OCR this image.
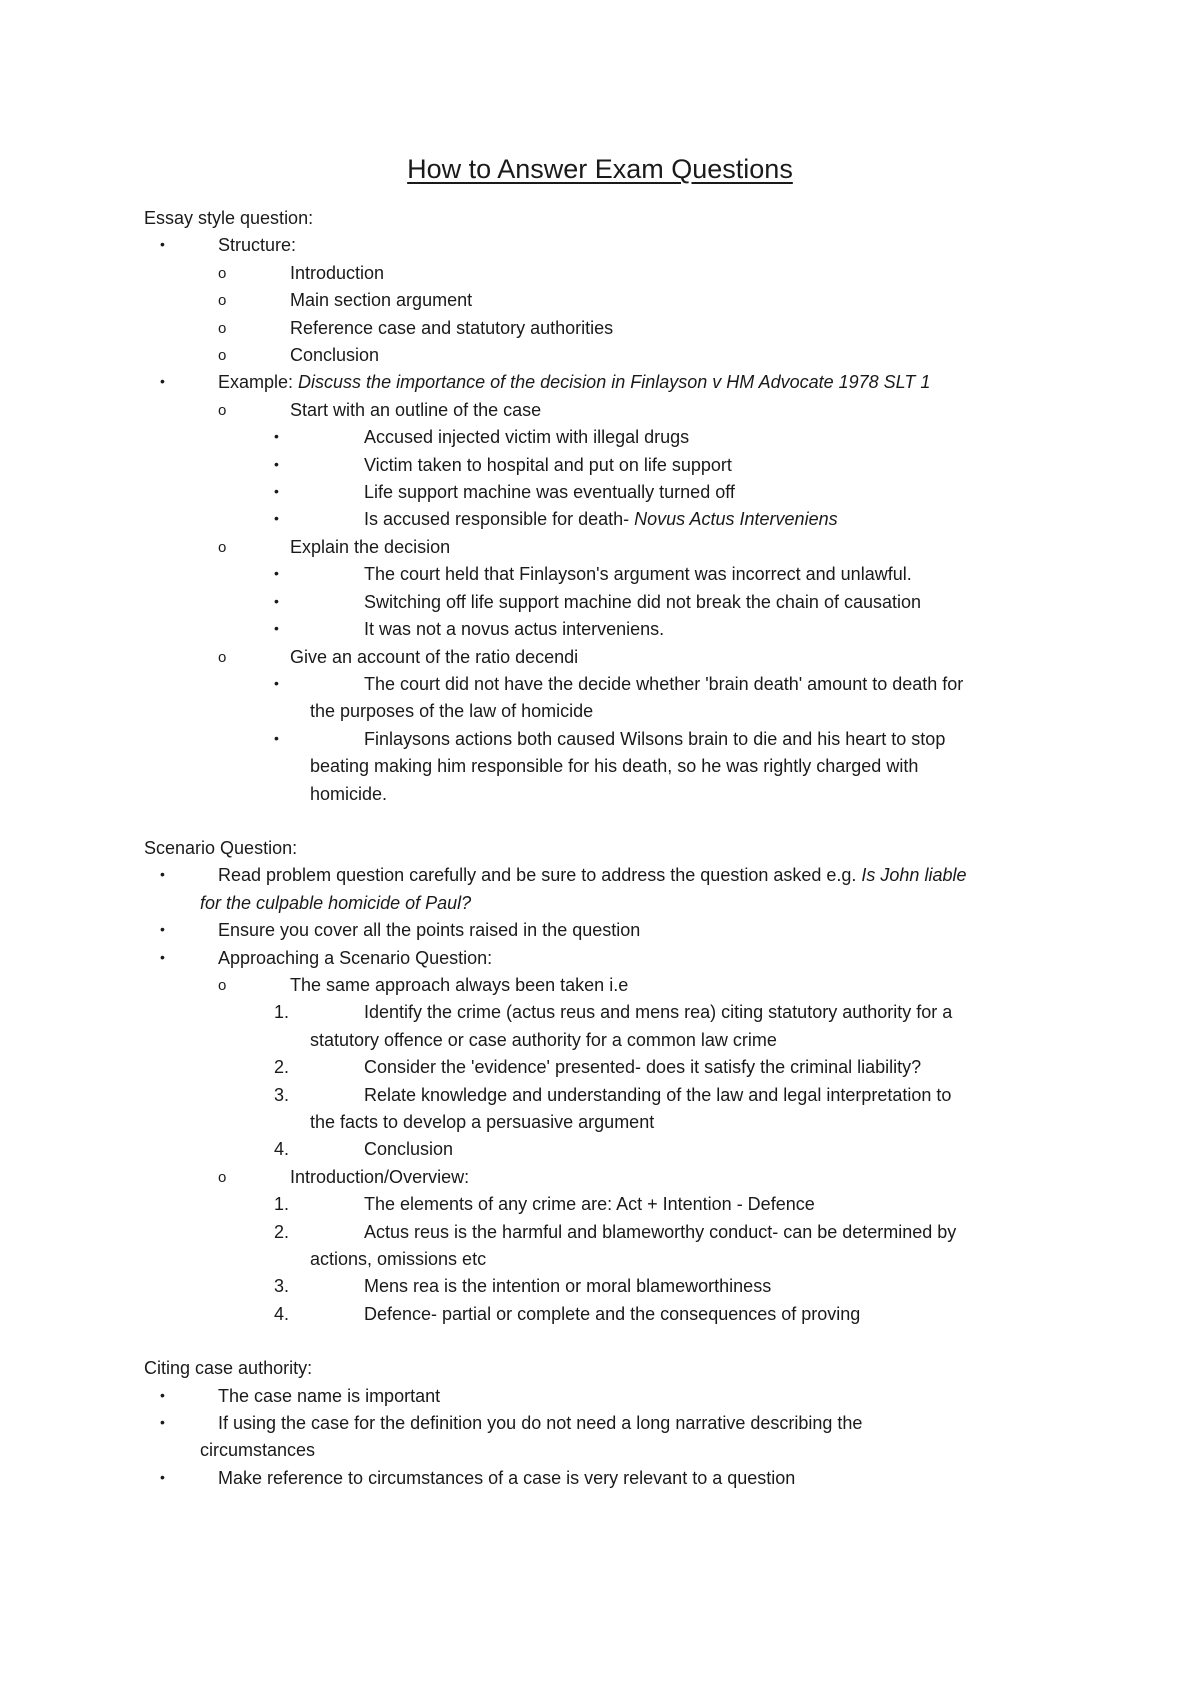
How to Answer Exam Questions
Essay style question:
•	Structure:
o	Introduction
o	Main section argument
o	Reference case and statutory authorities
o	Conclusion
•	Example: Discuss the importance of the decision in Finlayson v HM Advocate 1978 SLT 1
o	Start with an outline of the case
•	Accused injected victim with illegal drugs
•	Victim taken to hospital and put on life support
•	Life support machine was eventually turned off
•	Is accused responsible for death- Novus Actus Interveniens
o	Explain the decision
•	The court held that Finlayson's argument was incorrect and unlawful.
•	Switching off life support machine did not break the chain of causation
•	It was not a novus actus interveniens.
o	Give an account of the ratio decendi
•	The court did not have the decide whether 'brain death' amount to death for
the purposes of the law of homicide
•	Finlaysons actions both caused Wilsons brain to die and his heart to stop
beating making him responsible for his death, so he was rightly charged with
homicide.
Scenario Question:
•	Read problem question carefully and be sure to address the question asked e.g. Is John liable
for the culpable homicide of Paul?
•	Ensure you cover all the points raised in the question
•	Approaching a Scenario Question:
o	The same approach always been taken i.e
1.	Identify the crime (actus reus and mens rea) citing statutory authority for a
statutory offence or case authority for a common law crime
2.	Consider the 'evidence' presented- does it satisfy the criminal liability?
3.	Relate knowledge and understanding of the law and legal interpretation to
the facts to develop a persuasive argument
4.	Conclusion
o	Introduction/Overview:
1.	The elements of any crime are: Act + Intention - Defence
2.	Actus reus is the harmful and blameworthy conduct- can be determined by
actions, omissions etc
3.	Mens rea is the intention or moral blameworthiness
4.	Defence- partial or complete and the consequences of proving
Citing case authority:
•	The case name is important
•	If using the case for the definition you do not need a long narrative describing the
circumstances
•	Make reference to circumstances of a case is very relevant to a question
